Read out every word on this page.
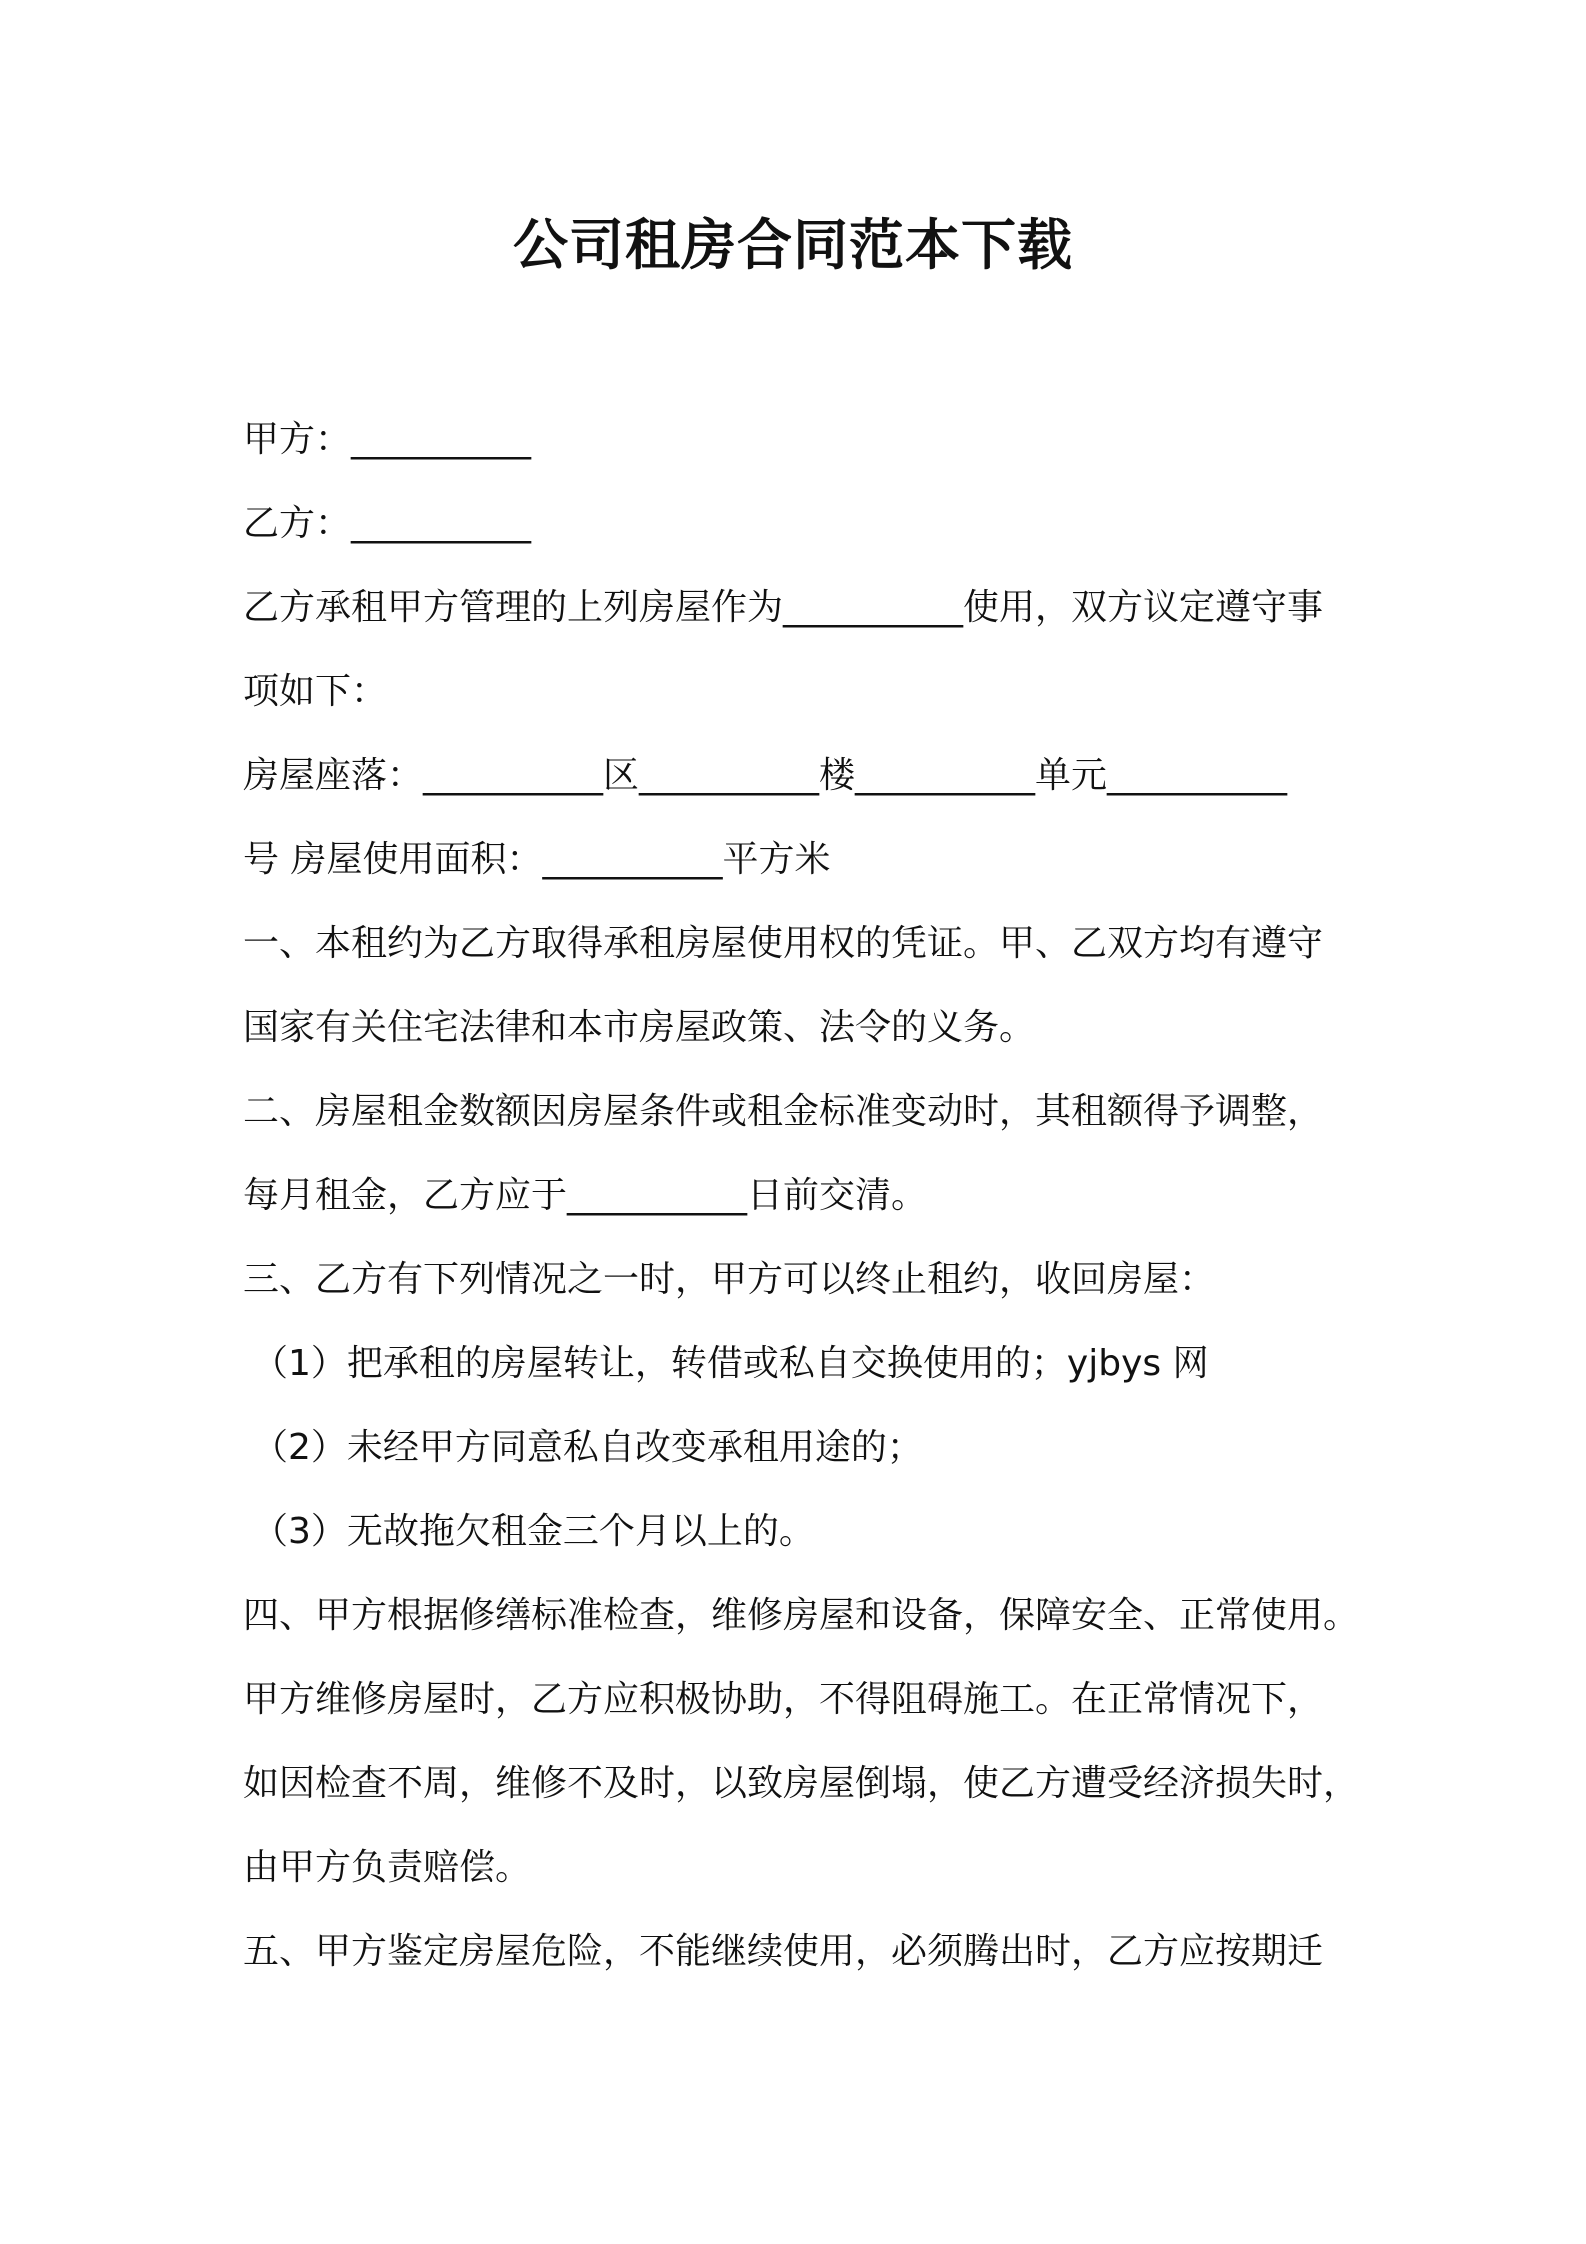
公司租房合同范本下载
甲方：__________
乙方：__________
乙方承租甲方管理的上列房屋作为__________使用，双方议定遵守事
项如下：
房屋座落：__________区__________楼__________单元__________
号 房屋使用面积：__________平方米
一、本租约为乙方取得承租房屋使用权的凭证。甲、乙双方均有遵守
国家有关住宅法律和本市房屋政策、法令的义务。
二、房屋租金数额因房屋条件或租金标准变动时，其租额得予调整，
每月租金，乙方应于__________日前交清。
三、乙方有下列情况之一时，甲方可以终止租约，收回房屋：
（1）把承租的房屋转让，转借或私自交换使用的；yjbys 网
（2）未经甲方同意私自改变承租用途的；
（3）无故拖欠租金三个月以上的。
四、甲方根据修缮标准检查，维修房屋和设备，保障安全、正常使用。
甲方维修房屋时，乙方应积极协助，不得阻碍施工。在正常情况下，
如因检查不周，维修不及时，以致房屋倒塌，使乙方遭受经济损失时，
由甲方负责赔偿。
五、甲方鉴定房屋危险，不能继续使用，必须腾出时，乙方应按期迁
